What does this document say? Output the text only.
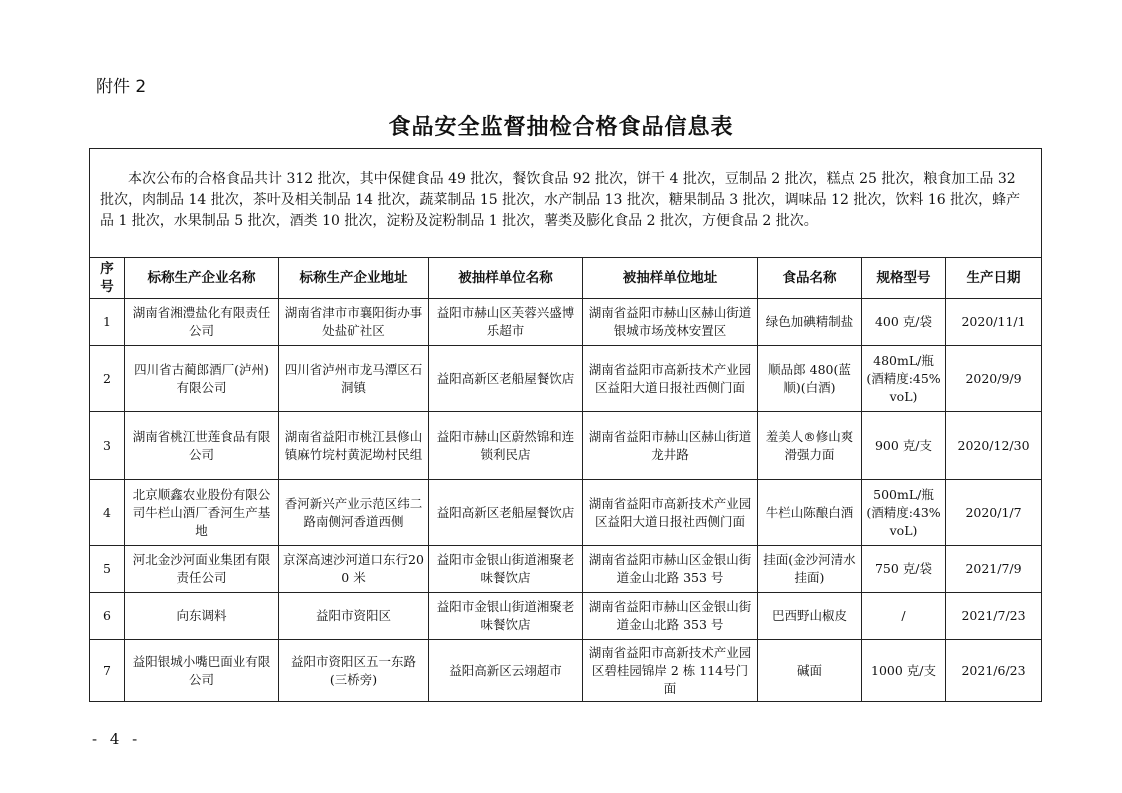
附件 2
食品安全监督抽检合格食品信息表
本次公布的合格食品共计 312 批次，其中保健食品 49 批次，餐饮食品 92 批次，饼干 4 批次，豆制品 2 批次，糕点 25 批次，粮食加工品 32 批次，肉制品 14 批次，茶叶及相关制品 14 批次，蔬菜制品 15 批次，水产制品 13 批次，糖果制品 3 批次，调味品 12 批次，饮料 16 批次，蜂产品 1 批次，水果制品 5 批次，酒类 10 批次，淀粉及淀粉制品 1 批次，薯类及膨化食品 2 批次，方便食品 2 批次。							
序号	标称生产企业名称	标称生产企业地址	被抽样单位名称	被抽样单位地址	食品名称	规格型号	生产日期
1	湖南省湘澧盐化有限责任公司	湖南省津市市襄阳街办事处盐矿社区	益阳市赫山区芙蓉兴盛博乐超市	湖南省益阳市赫山区赫山街道银城市场茂林安置区	绿色加碘精制盐	400 克/袋	2020/11/1
2	四川省古蔺郎酒厂(泸州)有限公司	四川省泸州市龙马潭区石洞镇	益阳高新区老船屋餐饮店	湖南省益阳市高新技术产业园区益阳大道日报社西侧门面	顺品郎 480(蓝顺)(白酒)	480mL/瓶(酒精度:45%voL)	2020/9/9
3	湖南省桃江世莲食品有限公司	湖南省益阳市桃江县修山镇麻竹垸村黄泥坳村民组	益阳市赫山区蔚然锦和连锁利民店	湖南省益阳市赫山区赫山街道龙井路	羞美人®修山爽滑强力面	900 克/支	2020/12/30
4	北京顺鑫农业股份有限公司牛栏山酒厂香河生产基地	香河新兴产业示范区纬二路南侧河香道西侧	益阳高新区老船屋餐饮店	湖南省益阳市高新技术产业园区益阳大道日报社西侧门面	牛栏山陈酿白酒	500mL/瓶(酒精度:43%voL)	2020/1/7
5	河北金沙河面业集团有限责任公司	京深高速沙河道口东行200 米	益阳市金银山街道湘聚老味餐饮店	湖南省益阳市赫山区金银山街道金山北路 353 号	挂面(金沙河清水挂面)	750 克/袋	2021/7/9
6	向东调料	益阳市资阳区	益阳市金银山街道湘聚老味餐饮店	湖南省益阳市赫山区金银山街道金山北路 353 号	巴西野山椒皮	/	2021/7/23
7	益阳银城小嘴巴面业有限公司	益阳市资阳区五一东路(三桥旁)	益阳高新区云翊超市	湖南省益阳市高新技术产业园区碧桂园锦岸 2 栋 114号门面	碱面	1000 克/支	2021/6/23
- 4 -
